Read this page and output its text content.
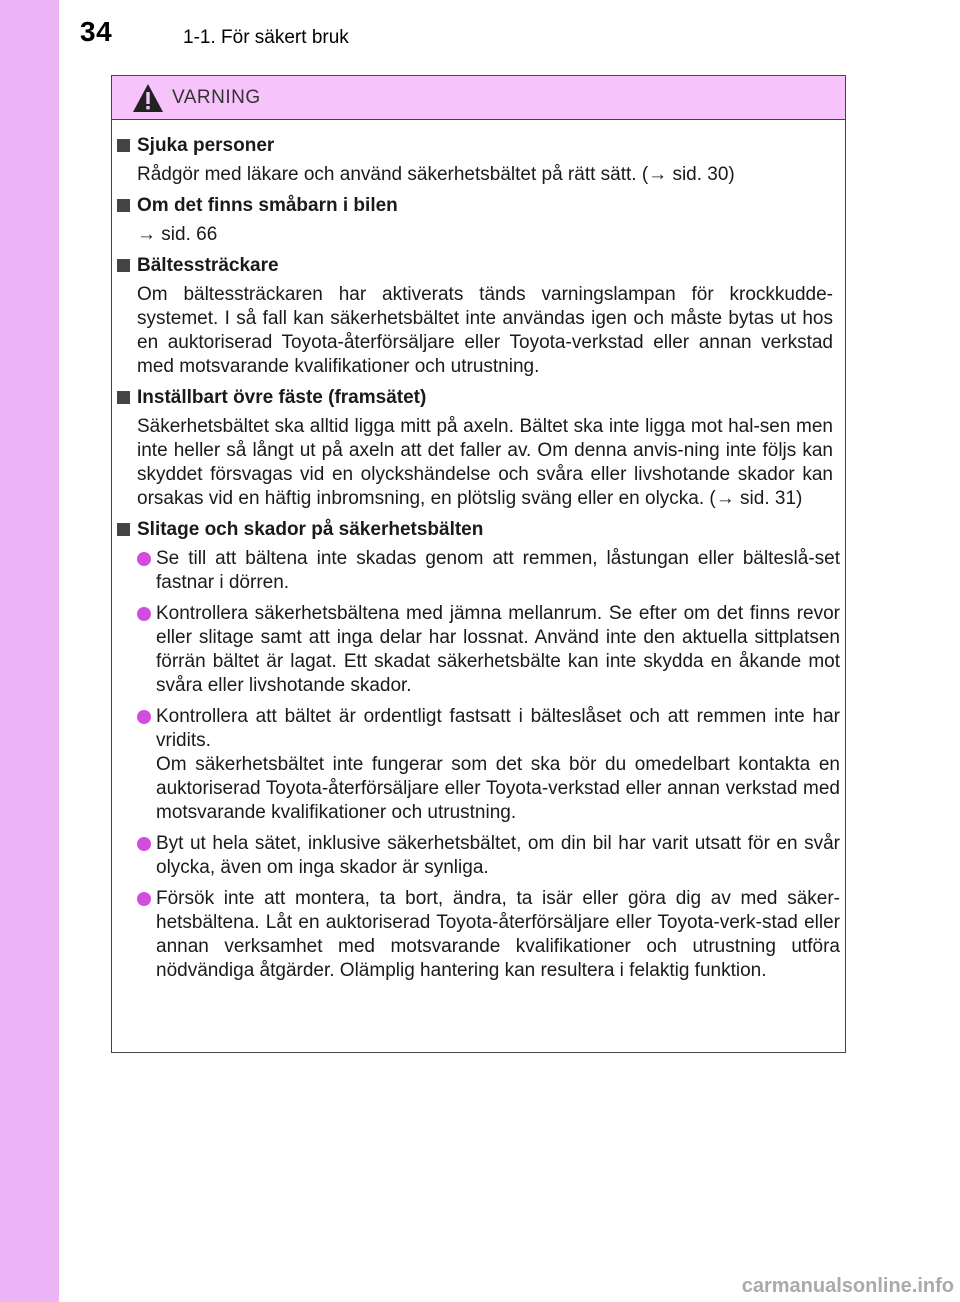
34	1-1. För säkert bruk
VARNING
Sjuka personer
Rådgör med läkare och använd säkerhetsbältet på rätt sätt. (→ sid. 30)
Om det finns småbarn i bilen
→ sid. 66
Bältessträckare
Om bältessträckaren har aktiverats tänds varningslampan för krockkudde-systemet. I så fall kan säkerhetsbältet inte användas igen och måste bytas ut hos en auktoriserad Toyota-återförsäljare eller Toyota-verkstad eller annan verkstad med motsvarande kvalifikationer och utrustning.
Inställbart övre fäste (framsätet)
Säkerhetsbältet ska alltid ligga mitt på axeln. Bältet ska inte ligga mot hal-sen men inte heller så långt ut på axeln att det faller av. Om denna anvis-ning inte följs kan skyddet försvagas vid en olyckshändelse och svåra eller livshotande skador kan orsakas vid en häftig inbromsning, en plötslig sväng eller en olycka. (→ sid. 31)
Slitage och skador på säkerhetsbälten

Se till att bältena inte skadas genom att remmen, låstungan eller bälteslå-set fastnar i dörren.

Kontrollera säkerhetsbältena med jämna mellanrum. Se efter om det finns revor eller slitage samt att inga delar har lossnat. Använd inte den aktuella sittplatsen förrän bältet är lagat. Ett skadat säkerhetsbälte kan inte skydda en åkande mot svåra eller livshotande skador.

Kontrollera att bältet är ordentligt fastsatt i bälteslåset och att remmen inte har vridits.

Om säkerhetsbältet inte fungerar som det ska bör du omedelbart kontakta en auktoriserad Toyota-återförsäljare eller Toyota-verkstad eller annan verkstad med motsvarande kvalifikationer och utrustning.

Byt ut hela sätet, inklusive säkerhetsbältet, om din bil har varit utsatt för en svår olycka, även om inga skador är synliga.

Försök inte att montera, ta bort, ändra, ta isär eller göra dig av med säker-hetsbältena. Låt en auktoriserad Toyota-återförsäljare eller Toyota-verk-stad eller annan verksamhet med motsvarande kvalifikationer och utrustning utföra nödvändiga åtgärder. Olämplig hantering kan resultera i felaktig funktion.

carmanualsonline.info
